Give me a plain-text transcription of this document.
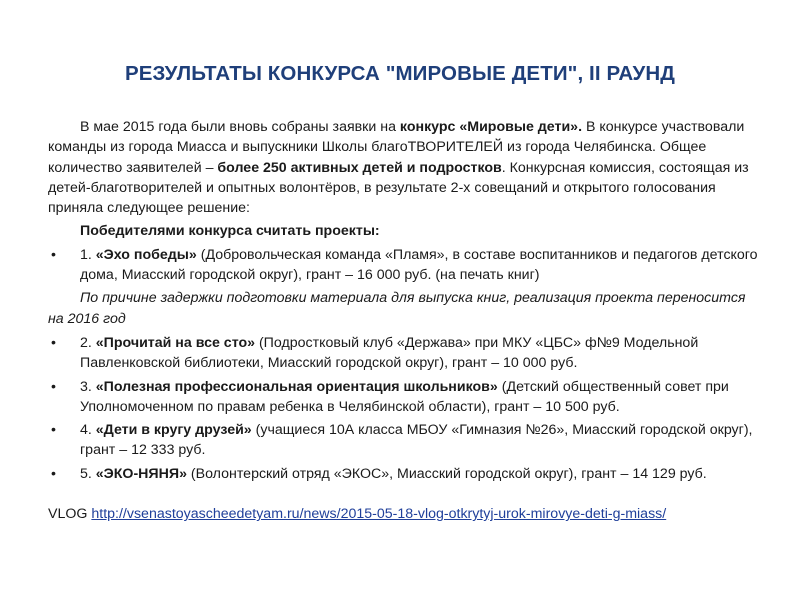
РЕЗУЛЬТАТЫ КОНКУРСА "МИРОВЫЕ ДЕТИ", II РАУНД

В мае 2015 года были вновь собраны заявки на конкурс «Мировые дети». В конкурсе участвовали команды из города Миасса и выпускники Школы благоТВОРИТЕЛЕЙ из города Челябинска. Общее количество заявителей – более 250 активных детей и подростков. Конкурсная комиссия, состоящая из детей-благотворителей и опытных волонтёров, в результате 2-х совещаний и открытого голосования приняла следующее решение:

Победителями конкурса считать проекты:

• 1. «Эхо победы» (Добровольческая команда «Пламя», в составе воспитанников и педагогов детского дома, Миасский городской округ), грант – 16 000 руб. (на печать книг)

По причине задержки подготовки материала для выпуска книг, реализация проекта переносится на 2016 год

• 2. «Прочитай на все сто» (Подростковый клуб «Держава» при МКУ «ЦБС» ф№9 Модельной Павленковской библиотеки, Миасский городской округ), грант – 10 000 руб.
• 3. «Полезная профессиональная ориентация школьников» (Детский общественный совет при Уполномоченном по правам ребенка в Челябинской области), грант – 10 500 руб.
• 4. «Дети в кругу друзей» (учащиеся 10А класса МБОУ «Гимназия №26», Миасский городской округ), грант – 12 333 руб.
• 5. «ЭКО-НЯНЯ» (Волонтерский отряд «ЭКОС», Миасский городской округ), грант – 14 129 руб.

VLOG http://vsenastoyascheedetyam.ru/news/2015-05-18-vlog-otkrytyj-urok-mirovye-deti-g-miass/
